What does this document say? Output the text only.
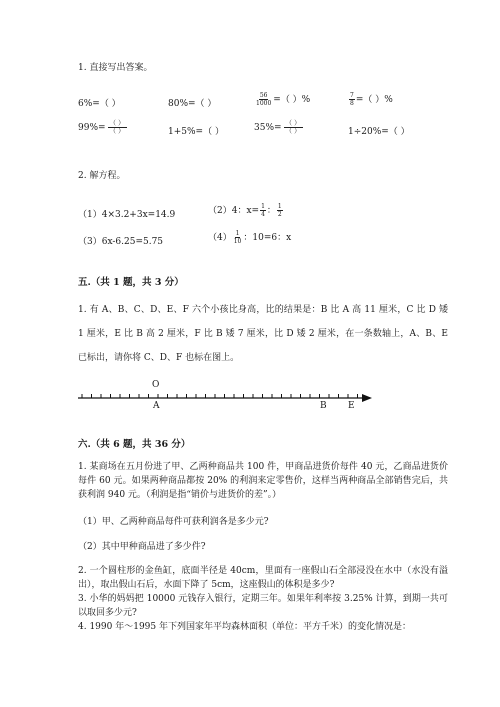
1. 直接写出答案。
6%=（ ）	80%=（ ）	$\frac{56}{1000}$ =（ ）%	$\frac{7}{8}$ =（ ）%
$99\%= \frac{( )}{( )}$	1+5%=（ ）	$35\%= \frac{( )}{( )}$	1÷20%=（ ）
2. 解方程。
（1）4×3.2+3x=14.9	（2）4：$x= \frac{1}{4}$ ： $\frac{1}{2}$
（3）6x-6.25=5.75	$(4) \frac{1}{10}$ ：10=6：x
五.（共 1 题，共 3 分）
1. 有 A、B、C、D、E、F 六个小孩比身高，比的结果是：B 比 A 高 11 厘米，C 比 D 矮 1 厘米，E 比 B 高 2 厘米，F 比 B 矮 7 厘米，比 D 矮 2 厘米，在一条数轴上，A、B、E 已标出，请你将 C、D、F 也标在图上。
O
A	B E
六.（共 6 题，共 36 分）
1. 某商场在五月份进了甲、乙两种商品共 100 件，甲商品进货价每件 40 元，乙商品进货价每件 60 元。如果两种商品都按 20% 的利润来定零售价，这样当两种商品全部销售完后，共获利润 940 元。（利润是指“销价与进货价的差”。）
（1）甲、乙两种商品每件可获利润各是多少元?
（2）其中甲种商品进了多少件?
2. 一个圆柱形的金鱼缸，底面半径是 40cm，里面有一座假山石全部浸没在水中（水没有溢出），取出假山石后，水面下降了 5cm，这座假山的体积是多少?
3. 小华的妈妈把 10000 元钱存入银行，定期三年。如果年利率按 3.25% 计算，到期一共可以取回多少元?
4. 1990 年～1995 年下列国家年平均森林面积（单位：平方千米）的变化情况是：
